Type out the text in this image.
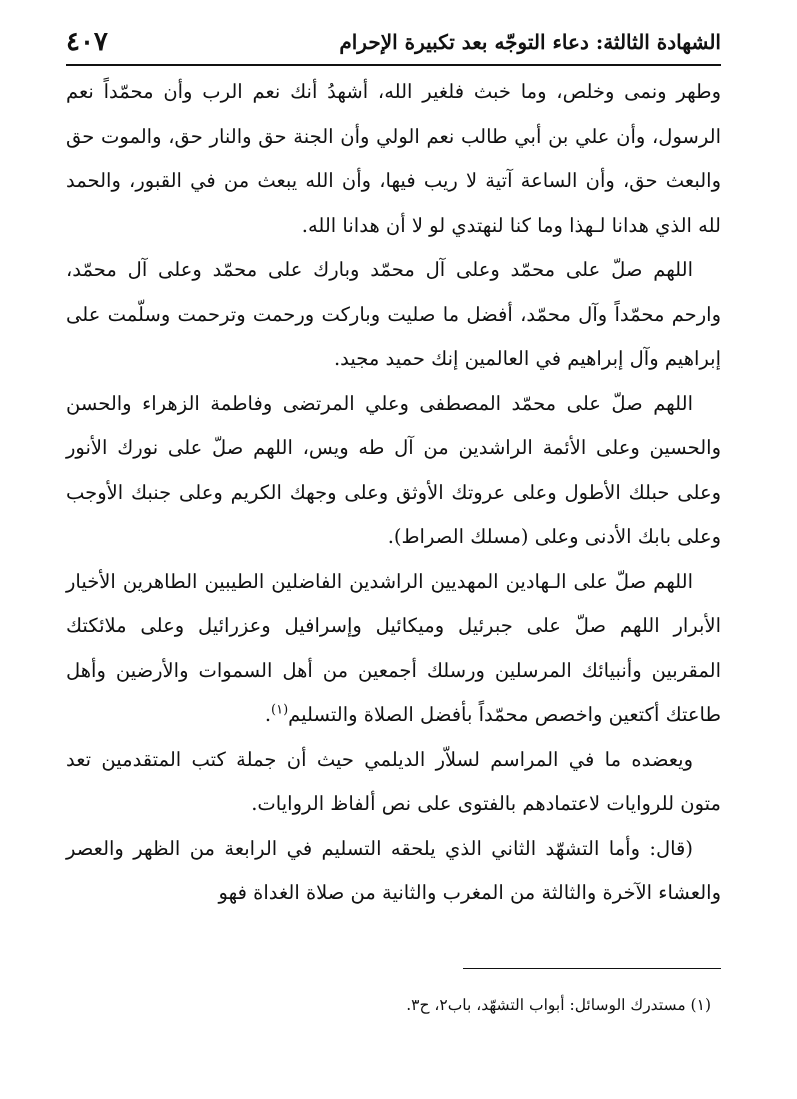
الشهادة الثالثة: دعاء التوجّه بعد تكبيرة الإحرام
٤٠٧

وطهر ونمى وخلص، وما خبث فلغير الله، أشهدُ أنك نعم الرب وأن محمّداً نعم الرسول، وأن علي بن أبي طالب نعم الولي وأن الجنة حق والنار حق، والموت حق والبعث حق، وأن الساعة آتية لا ريب فيها، وأن الله يبعث من في القبور، والحمد لله الذي هدانا لـهذا وما كنا لنهتدي لو لا أن هدانا الله.

اللهم صلّ على محمّد وعلى آل محمّد وبارك على محمّد وعلى آل محمّد، وارحم محمّداً وآل محمّد، أفضل ما صليت وباركت ورحمت وترحمت وسلّمت على إبراهيم وآل إبراهيم في العالمين إنك حميد مجيد.

اللهم صلّ على محمّد المصطفى وعلي المرتضى وفاطمة الزهراء والحسن والحسين وعلى الأئمة الراشدين من آل طه ويس، اللهم صلّ على نورك الأنور وعلى حبلك الأطول وعلى عروتك الأوثق وعلى وجهك الكريم وعلى جنبك الأوجب وعلى بابك الأدنى وعلى (مسلك الصراط).

اللهم صلّ على الـهادين المهديين الراشدين الفاضلين الطيبين الطاهرين الأخيار الأبرار اللهم صلّ على جبرئيل وميكائيل وإسرافيل وعزرائيل وعلى ملائكتك المقربين وأنبيائك المرسلين ورسلك أجمعين من أهل السموات والأرضين وأهل طاعتك أكتعين واخصص محمّداً بأفضل الصلاة والتسليم$^{(١)}$.

ويعضده ما في المراسم لسلاّر الديلمي حيث أن جملة كتب المتقدمين تعد متون للروايات لاعتمادهم بالفتوى على نص ألفاظ الروايات.

(قال: وأما التشهّد الثاني الذي يلحقه التسليم في الرابعة من الظهر والعصر والعشاء الآخرة والثالثة من المغرب والثانية من صلاة الغداة فهو

(١) مستدرك الوسائل: أبواب التشهّد، باب٢، ح٣.
